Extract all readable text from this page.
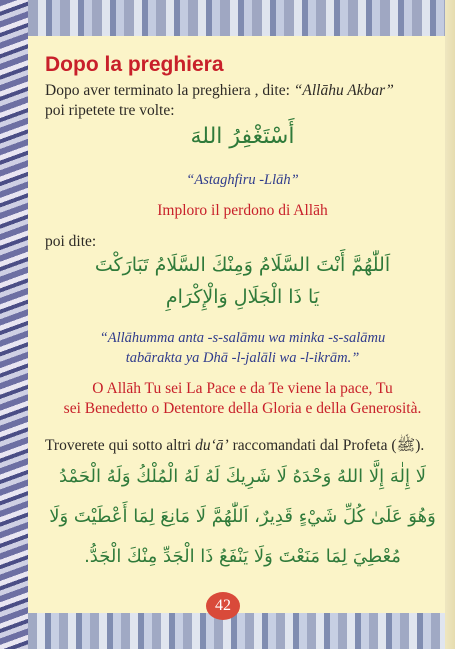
Dopo la preghiera
Dopo aver terminato la preghiera , dite: “Allāhu Akbar”
poi ripetete tre volte:
أَسْتَغْفِرُ اللهَ
“Astaghfiru -Llāh”
Imploro il perdono di Allāh
poi dite:
اَللّٰهُمَّ أَنْتَ السَّلَامُ وَمِنْكَ السَّلَامُ تَبَارَكْتَ
يَا ذَا الْجَلَالِ وَالْإِكْرَامِ
“Allāhumma anta -s-salāmu wa minka -s-salāmu
tabārakta ya Dhā -l-jalāli wa -l-ikrām.”
O Allāh Tu sei La Pace e da Te viene la pace, Tu
sei Benedetto o Detentore della Gloria e della Generosità.
Troverete qui sotto altri du‘ā’ raccomandati dal Profeta (ﷺ).
لَا إِلٰهَ إِلَّا اللهُ وَحْدَهُ لَا شَرِيكَ لَهُ لَهُ الْمُلْكُ وَلَهُ الْحَمْدُ
وَهُوَ عَلَىٰ كُلِّ شَيْءٍ قَدِيرٌ، اَللّٰهُمَّ لَا مَانِعَ لِمَا أَعْطَيْتَ وَلَا
مُعْطِيَ لِمَا مَنَعْتَ وَلَا يَنْفَعُ ذَا الْجَدِّ مِنْكَ الْجَدُّ.
42
